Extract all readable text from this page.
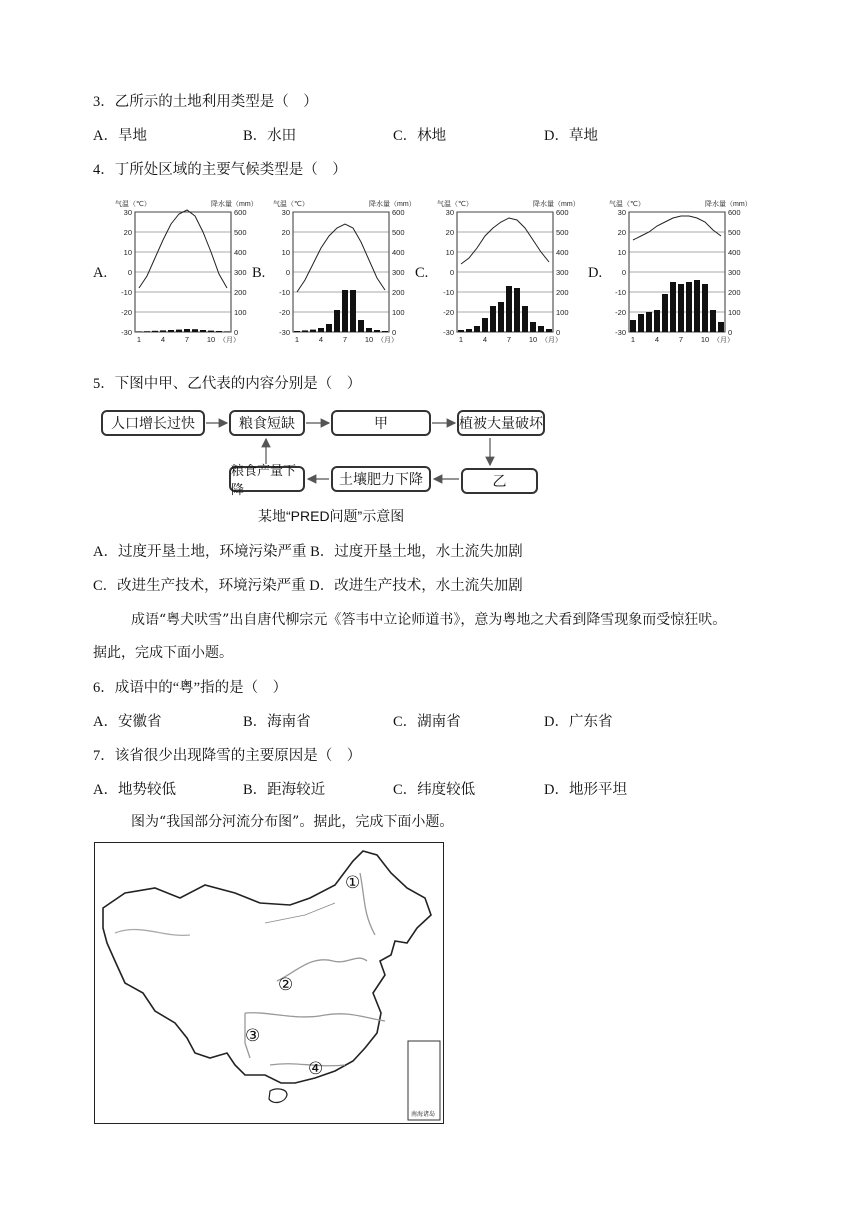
3．乙所示的土地利用类型是（　）
A．旱地	B．水田	C．林地	D．草地
4．丁所处区域的主要气候类型是（　）
A.	B.	C.	D.
30	600
20	500
10	400
0	300
-10	200
-20	100
-30	0
气温（℃）	降水量（mm）
1	4	7 10 （月）
30	600
20	500
10	400
0	300
-10	200
-20	100
-30	0
气温（℃）	降水量（mm）
1	4	7 10 （月）
30	600
20	500
10	400
0	300
-10	200
-20	100
-30	0
气温（℃）	降水量（mm）
1	4	7 10 （月）
30	600
20	500
10	400
0	300
-10	200
-20	100
-30	0
气温（℃）	降水量（mm）
1	4	7 10 （月）
5．下图中甲、乙代表的内容分别是（　）
人口增长过快	粮食短缺	甲	植被大量破坏
乙
土壤肥力下降
粮食产量下降
某地“PRED问题”示意图
A．过度开垦土地，环境污染严重 B．过度开垦土地，水土流失加剧
C．改进生产技术，环境污染严重 D．改进生产技术，水土流失加剧
成语“粤犬吠雪”出自唐代柳宗元《答韦中立论师道书》，意为粤地之犬看到降雪现象而受惊狂吠。
据此，完成下面小题。
6．成语中的“粤”指的是（　）
A．安徽省	B．海南省	C．湖南省	D．广东省
7．该省很少出现降雪的主要原因是（　）
A．地势较低	B．距海较近	C．纬度较低	D．地形平坦
图为“我国部分河流分布图”。据此，完成下面小题。
①
②
③
④
南海诸岛
